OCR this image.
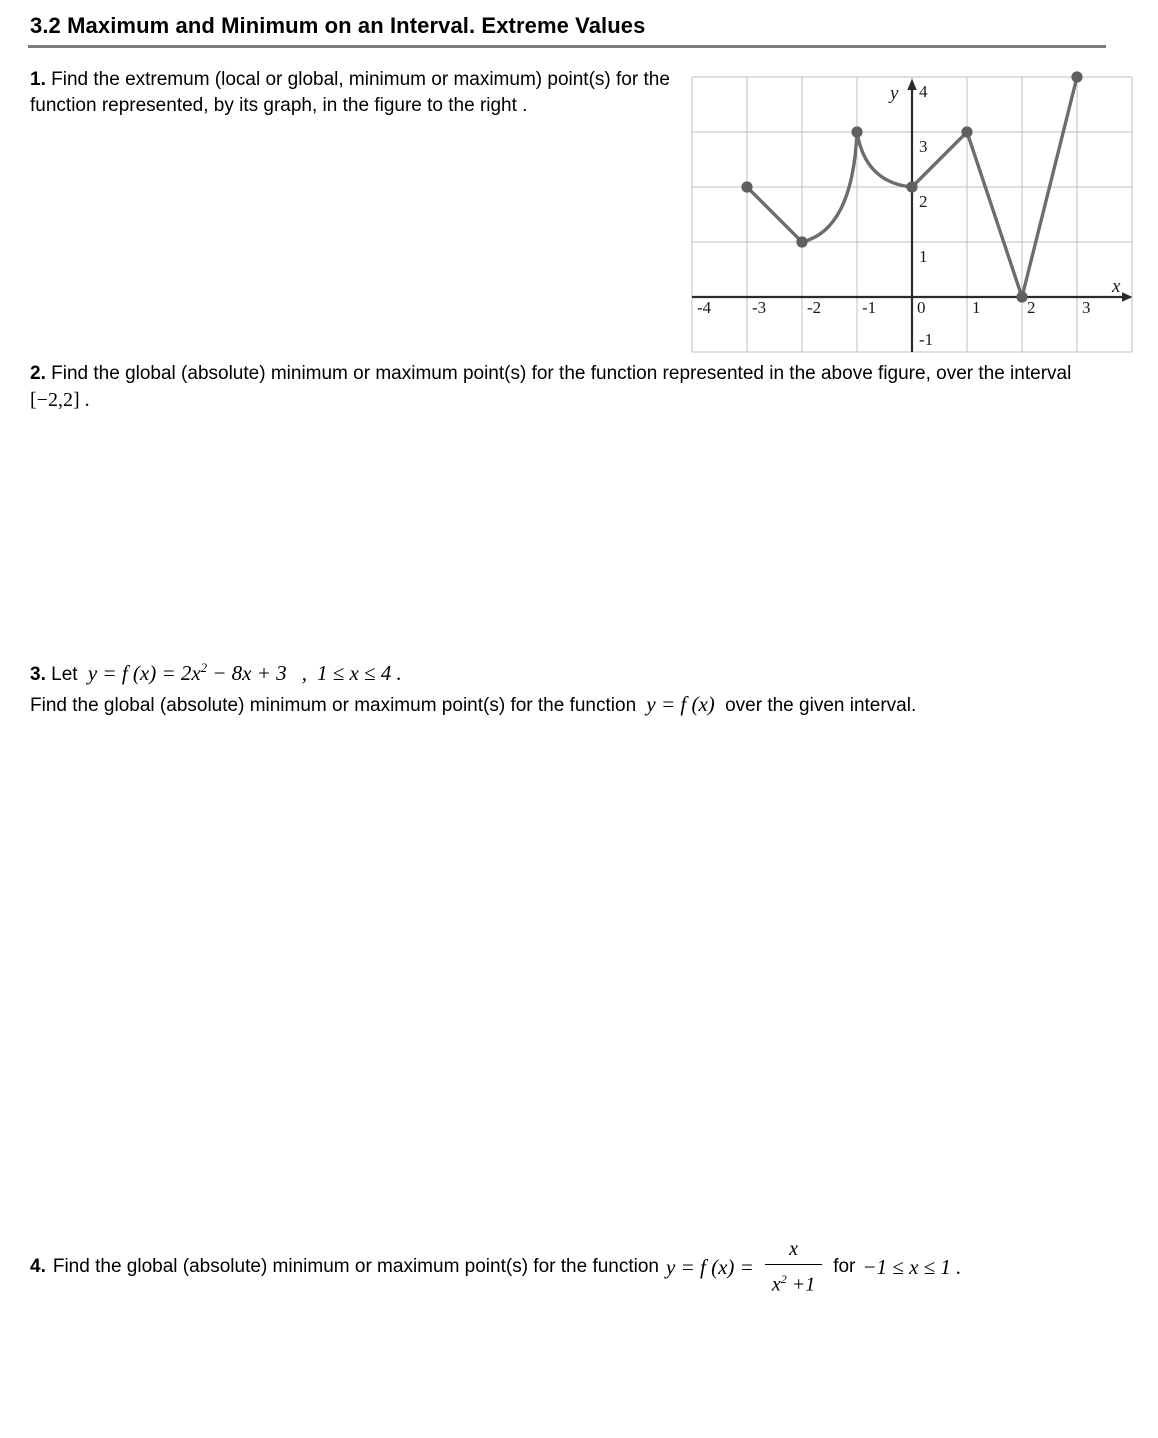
3.2 Maximum and Minimum on an Interval. Extreme Values
1. Find the extremum (local or global, minimum or maximum) point(s) for the function represented, by its graph, in the figure to the right .
-4 -3 -2 -1 0	1	2	3
4
3
2
1
-1
x
y
2. Find the global (absolute) minimum or maximum point(s) for the function represented in the above figure, over the interval
[−2,2] .
3. Let y = f $(x) = 2x^2 - 8x + 3$ , 1 ≤ x ≤ 4 .
Find the global (absolute) minimum or maximum point(s) for the function y = f (x) over the given interval.
4. Find the global (absolute) minimum or maximum point(s) for the function y = f $(x) = \frac{x}{x^2 +1}$ for −1 ≤ x ≤ 1 .
